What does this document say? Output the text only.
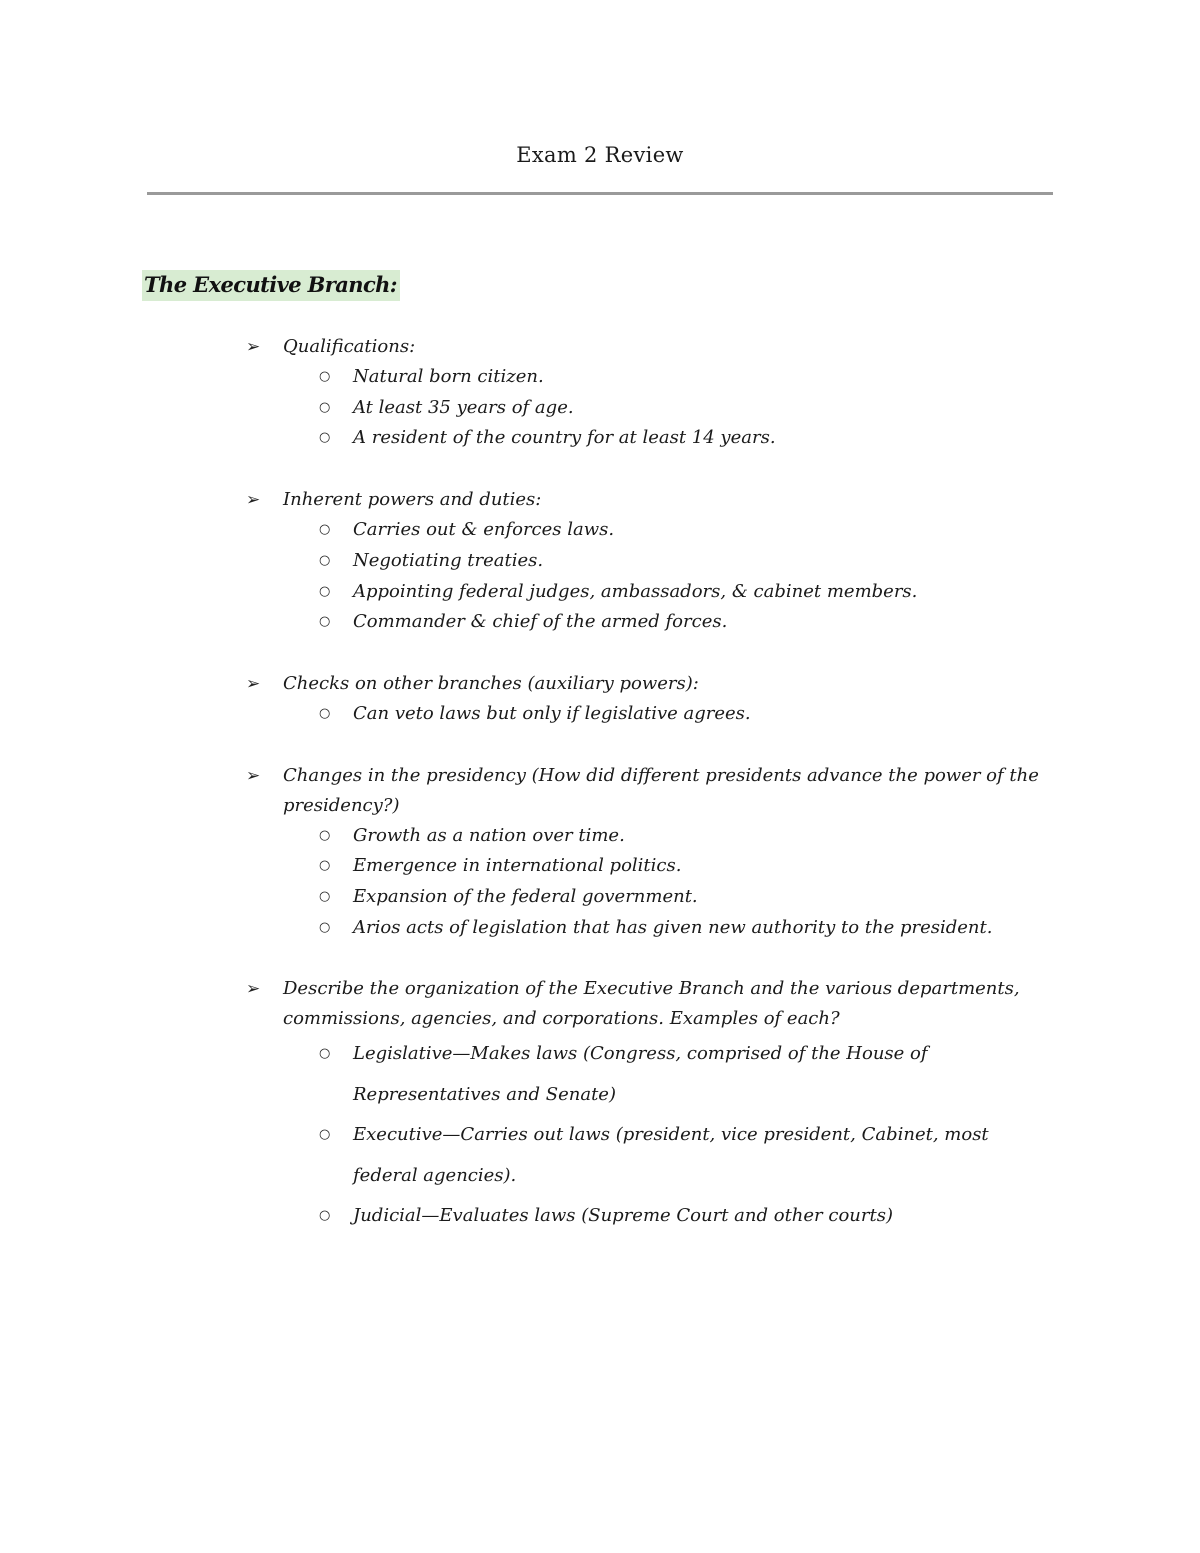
Exam 2 Review
The Executive Branch:
➢ Qualifications:
○ Natural born citizen.
○ At least 35 years of age.
○ A resident of the country for at least 14 years.
➢ Inherent powers and duties:
○ Carries out & enforces laws.
○ Negotiating treaties.
○ Appointing federal judges, ambassadors, & cabinet members.
○ Commander & chief of the armed forces.
➢ Checks on other branches (auxiliary powers):
○ Can veto laws but only if legislative agrees.
➢ Changes in the presidency (How did different presidents advance the power of the presidency?)
○ Growth as a nation over time.
○ Emergence in international politics.
○ Expansion of the federal government.
○ Arios acts of legislation that has given new authority to the president.
➢ Describe the organization of the Executive Branch and the various departments, commissions, agencies, and corporations. Examples of each?
○ Legislative—Makes laws (Congress, comprised of the House of Representatives and Senate)
○ Executive—Carries out laws (president, vice president, Cabinet, most federal agencies).
○ Judicial—Evaluates laws (Supreme Court and other courts)
